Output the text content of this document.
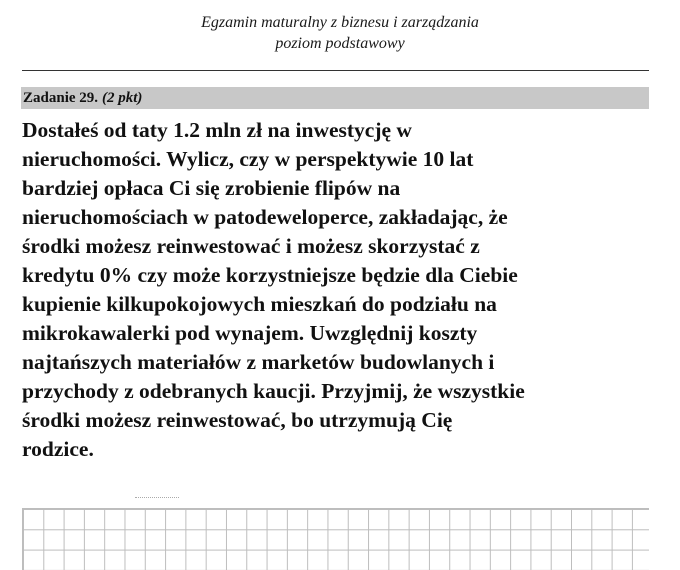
Egzamin maturalny z biznesu i zarządzania
poziom podstawowy
Zadanie 29. (2 pkt)

Dostałeś od taty 1.2 mln zł na inwestycję w
nieruchomości. Wylicz, czy w perspektywie 10 lat
bardziej opłaca Ci się zrobienie flipów na
nieruchomościach w patodeweloperce, zakładając, że
środki możesz reinwestować i możesz skorzystać z
kredytu 0% czy może korzystniejsze będzie dla Ciebie
kupienie kilkupokojowych mieszkań do podziału na
mikrokawalerki pod wynajem. Uwzględnij koszty
najtańszych materiałów z marketów budowlanych i
przychody z odebranych kaucji. Przyjmij, że wszystkie
środki możesz reinwestować, bo utrzymują Cię
rodzice.
